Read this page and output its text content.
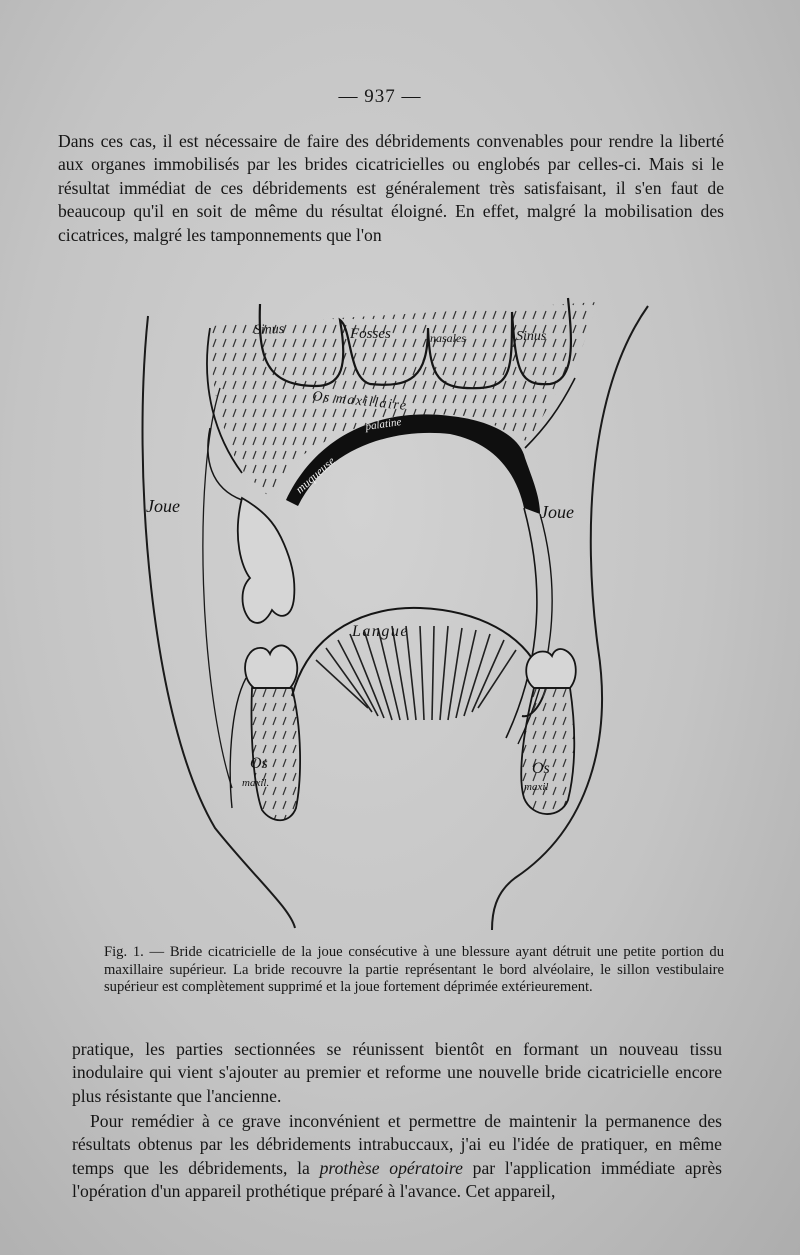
— 937 —

Dans ces cas, il est nécessaire de faire des débridements convenables pour rendre la liberté aux organes immobilisés par les brides cicatricielles ou englobés par celles-ci. Mais si le résultat immédiat de ces débridements est généralement très satisfaisant, il s'en faut de beaucoup qu'il en soit de même du résultat éloigné. En effet, malgré la mobilisation des cicatrices, malgré les tamponnements que l'on

Sinus	Fosses	nasales	Sinus
Os maxillaire
muqueuse
palatine
Joue	Joue
Langue
Os
maxil.
Os
maxil
Fig. 1. — Bride cicatricielle de la joue consécutive à une blessure ayant détruit une petite portion du maxillaire supérieur. La bride recouvre la partie représentant le bord alvéolaire, le sillon vestibulaire supérieur est complètement supprimé et la joue fortement déprimée extérieurement.

pratique, les parties sectionnées se réunissent bientôt en formant un nouveau tissu inodulaire qui vient s'ajouter au premier et reforme une nouvelle bride cicatricielle encore plus résistante que l'ancienne.

Pour remédier à ce grave inconvénient et permettre de maintenir la permanence des résultats obtenus par les débridements intrabuccaux, j'ai eu l'idée de pratiquer, en même temps que les débridements, la prothèse opératoire par l'application immédiate après l'opération d'un appareil prothétique préparé à l'avance. Cet appareil,
